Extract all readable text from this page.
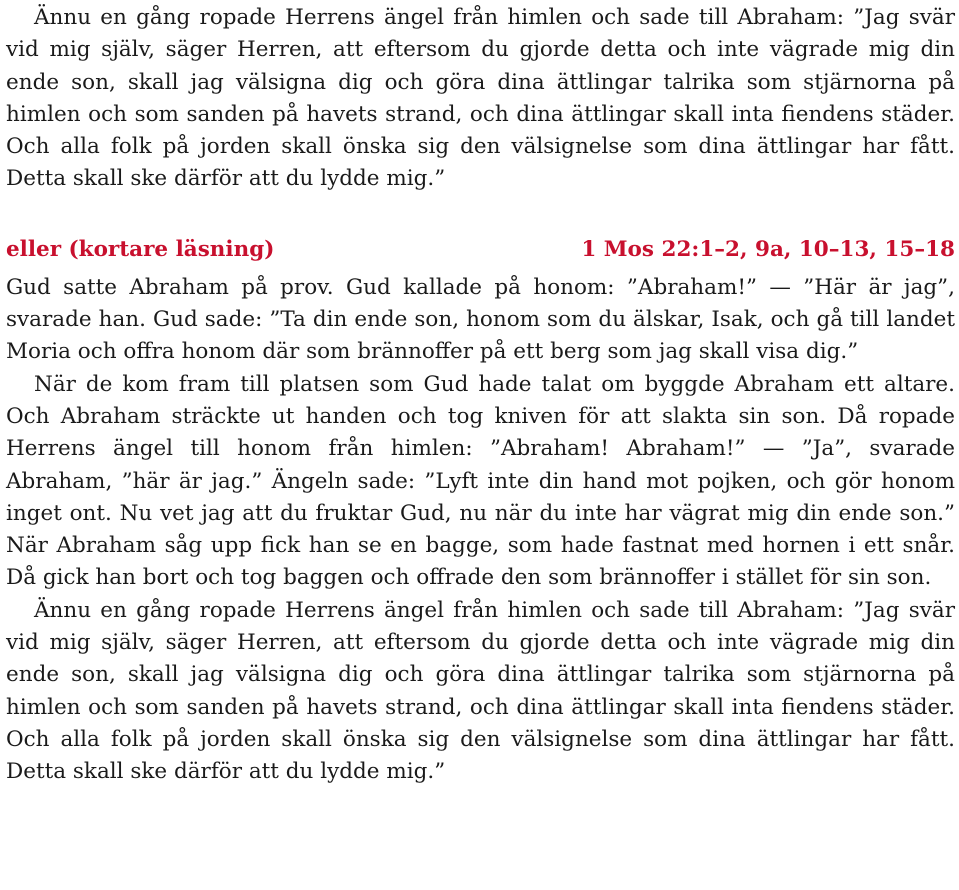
Ännu en gång ropade Herrens ängel från himlen och sade till Abraham: ”Jag svär vid mig själv, säger Herren, att eftersom du gjorde detta och inte vägrade mig din ende son, skall jag välsigna dig och göra dina ättlingar talrika som stjärnorna på himlen och som sanden på havets strand, och dina ättlingar skall inta fiendens städer. Och alla folk på jorden skall önska sig den välsignelse som dina ättlingar har fått. Detta skall ske därför att du lydde mig.”

eller (kortare läsning)	1 Mos 22:1–2, 9a, 10–13, 15–18

Gud satte Abraham på prov. Gud kallade på honom: ”Abraham!” — ”Här är jag”, svarade han. Gud sade: ”Ta din ende son, honom som du älskar, Isak, och gå till landet Moria och offra honom där som brännoffer på ett berg som jag skall visa dig.”

När de kom fram till platsen som Gud hade talat om byggde Abraham ett altare. Och Abraham sträckte ut handen och tog kniven för att slakta sin son. Då ropade Herrens ängel till honom från himlen: ”Abraham! Abraham!” — ”Ja”, svarade Abraham, ”här är jag.” Ängeln sade: ”Lyft inte din hand mot pojken, och gör honom inget ont. Nu vet jag att du fruktar Gud, nu när du inte har vägrat mig din ende son.” När Abraham såg upp fick han se en bagge, som hade fastnat med hornen i ett snår. Då gick han bort och tog baggen och offrade den som brännoffer i stället för sin son.

Ännu en gång ropade Herrens ängel från himlen och sade till Abraham: ”Jag svär vid mig själv, säger Herren, att eftersom du gjorde detta och inte vägrade mig din ende son, skall jag välsigna dig och göra dina ättlingar talrika som stjärnorna på himlen och som sanden på havets strand, och dina ättlingar skall inta fiendens städer. Och alla folk på jorden skall önska sig den välsignelse som dina ättlingar har fått. Detta skall ske därför att du lydde mig.”
